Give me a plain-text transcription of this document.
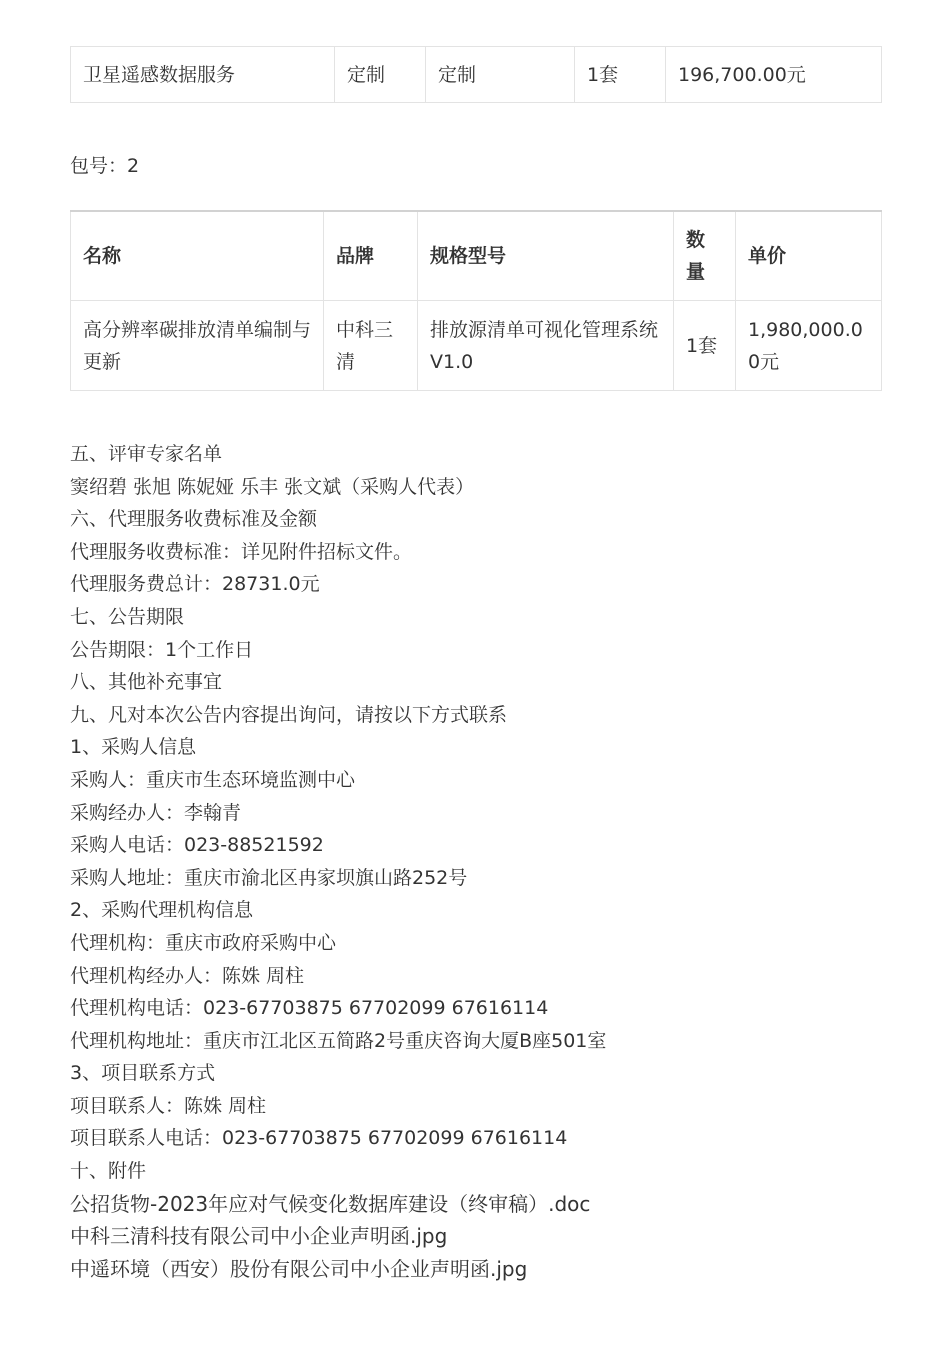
卫星遥感数据服务	定制	定制	1套	196,700.00元
包号：2
名称	品牌	规格型号	数量	单价
高分辨率碳排放清单编制与更新	中科三清	排放源清单可视化管理系统V1.0	1套	1,980,000.00元
五、评审专家名单
窦绍碧 张旭 陈妮娅 乐丰 张文斌（采购人代表）
六、代理服务收费标准及金额
代理服务收费标准：详见附件招标文件。
代理服务费总计：28731.0元
七、公告期限
公告期限：1个工作日
八、其他补充事宜
九、凡对本次公告内容提出询问，请按以下方式联系
1、采购人信息
采购人：重庆市生态环境监测中心
采购经办人：李翰青
采购人电话：023-88521592
采购人地址：重庆市渝北区冉家坝旗山路252号
2、采购代理机构信息
代理机构：重庆市政府采购中心
代理机构经办人：陈姝 周柱
代理机构电话：023-67703875 67702099 67616114
代理机构地址：重庆市江北区五简路2号重庆咨询大厦B座501室
3、项目联系方式
项目联系人：陈姝 周柱
项目联系人电话：023-67703875 67702099 67616114
十、附件
公招货物-2023年应对气候变化数据库建设（终审稿）.doc
中科三清科技有限公司中小企业声明函.jpg
中遥环境（西安）股份有限公司中小企业声明函.jpg
